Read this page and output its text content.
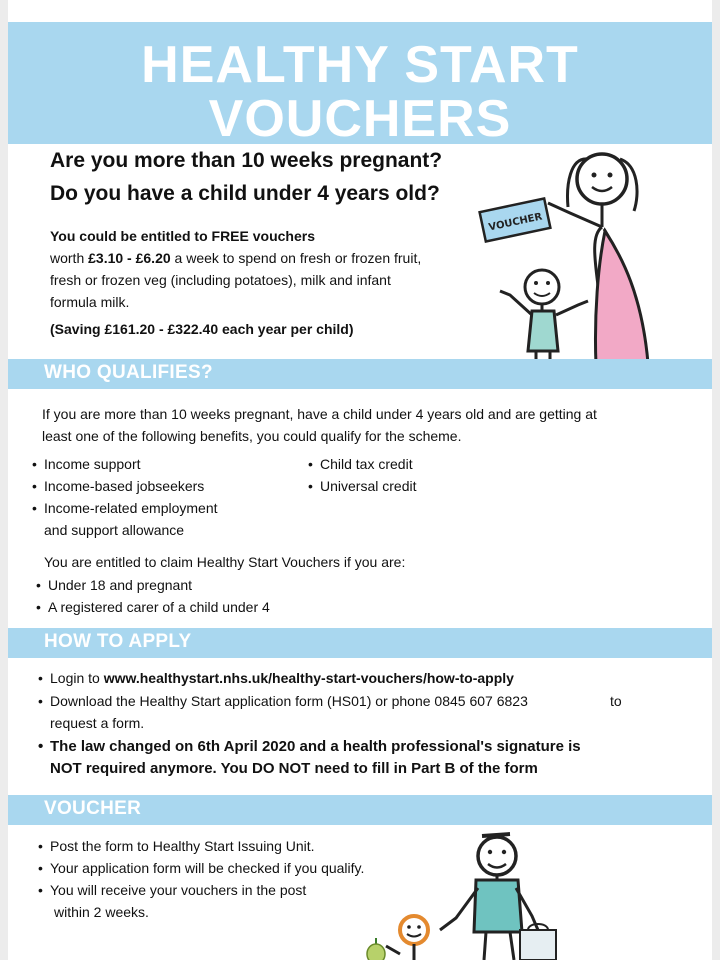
HEALTHY START
VOUCHERS
Are you more than 10 weeks pregnant?
Do you have a child under 4 years old?
You could be entitled to FREE vouchers
worth £3.10 - £6.20 a week to spend on fresh or frozen fruit,
fresh or frozen veg (including potatoes), milk and infant
formula milk.
(Saving £161.20 - £322.40 each year per child)
VOUCHER
WHO QUALIFIES?
If you are more than 10 weeks pregnant, have a child under 4 years old and are getting at
least one of the following benefits, you could qualify for the scheme.
• Income support
• Income-based jobseekers
• Income-related employment
and support allowance
• Child tax credit
• Universal credit
You are entitled to claim Healthy Start Vouchers if you are:
• Under 18 and pregnant
• A registered carer of a child under 4
HOW TO APPLY
• Login to www.healthystart.nhs.uk/healthy-start-vouchers/how-to-apply
• Download the Healthy Start application form (HS01) or phone 0845 607 6823	to
request a form.
• The law changed on 6th April 2020 and a health professional's signature is
NOT required anymore. You DO NOT need to fill in Part B of the form
VOUCHER
• Post the form to Healthy Start Issuing Unit.
• Your application form will be checked if you qualify.
• You will receive your vouchers in the post
within 2 weeks.
